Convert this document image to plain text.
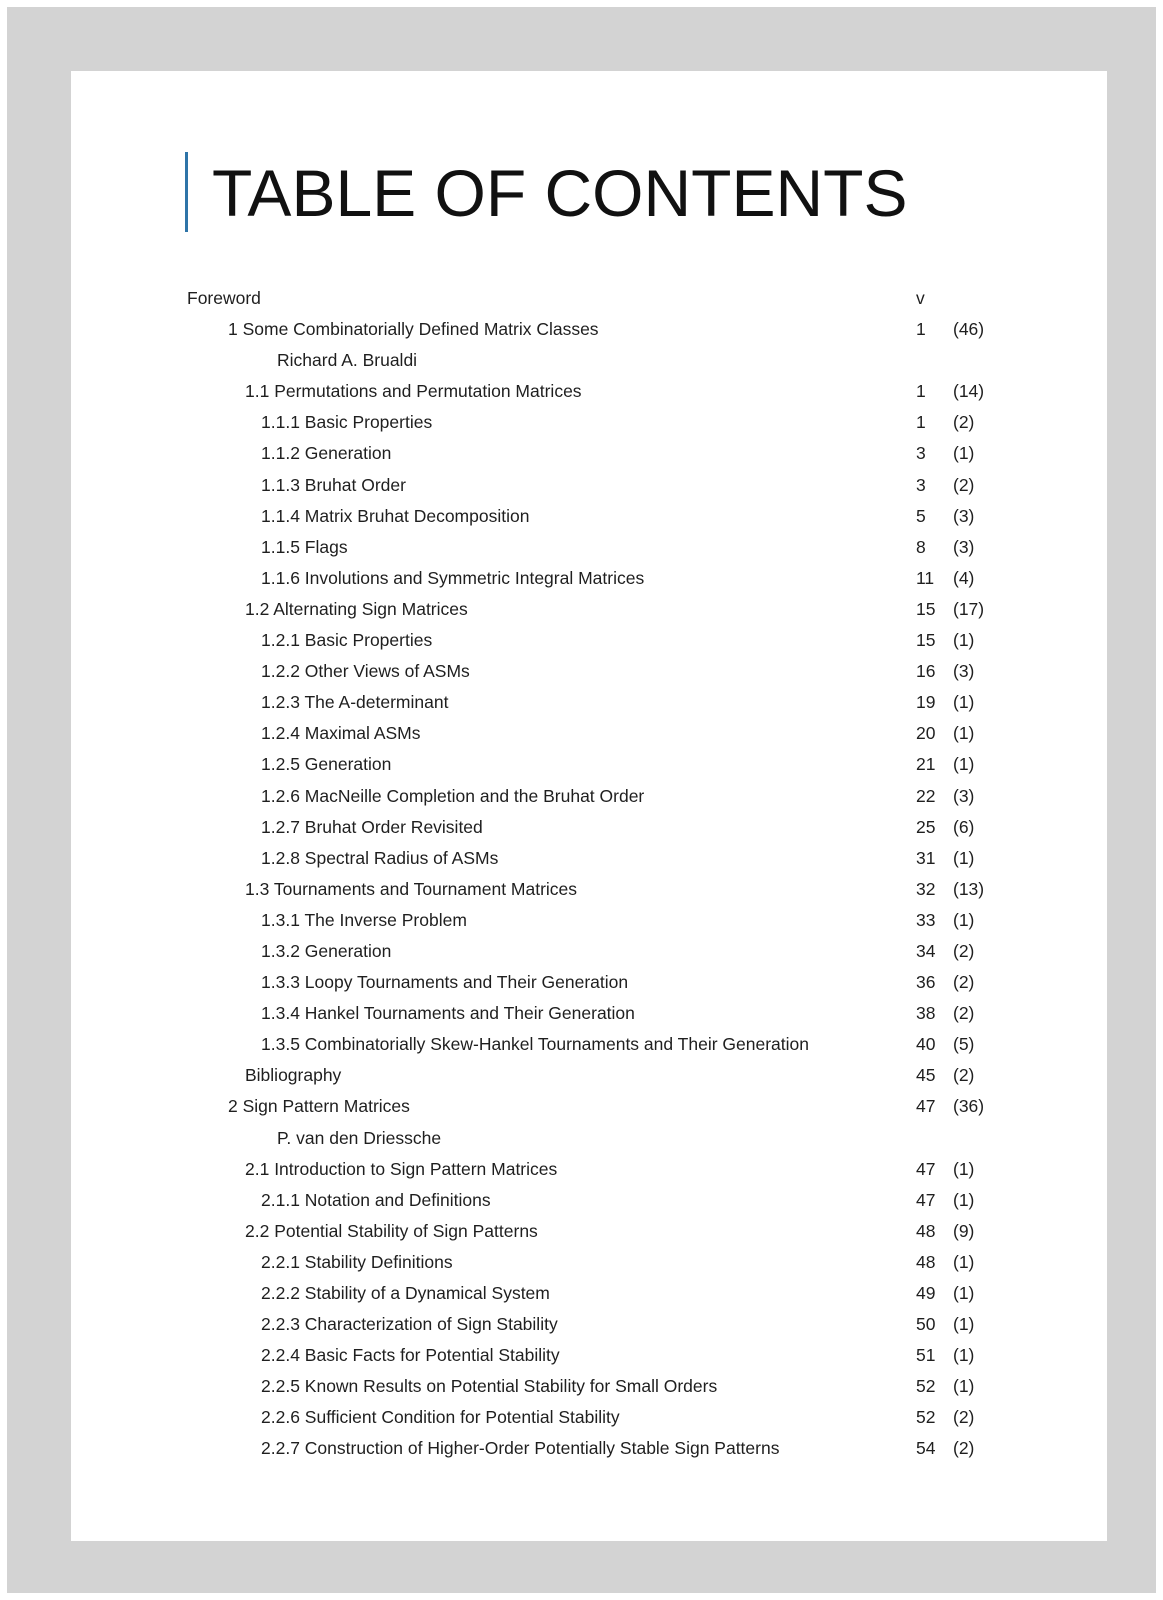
TABLE OF CONTENTS
Foreword	v
1 Some Combinatorially Defined Matrix Classes	1 (46)
Richard A. Brualdi
1.1 Permutations and Permutation Matrices	1 (14)
1.1.1 Basic Properties	1 (2)
1.1.2 Generation	3 (1)
1.1.3 Bruhat Order	3 (2)
1.1.4 Matrix Bruhat Decomposition	5 (3)
1.1.5 Flags	8 (3)
1.1.6 Involutions and Symmetric Integral Matrices	11 (4)
1.2 Alternating Sign Matrices	15 (17)
1.2.1 Basic Properties	15 (1)
1.2.2 Other Views of ASMs	16 (3)
1.2.3 The A-determinant	19 (1)
1.2.4 Maximal ASMs	20 (1)
1.2.5 Generation	21 (1)
1.2.6 MacNeille Completion and the Bruhat Order	22 (3)
1.2.7 Bruhat Order Revisited	25 (6)
1.2.8 Spectral Radius of ASMs	31 (1)
1.3 Tournaments and Tournament Matrices	32 (13)
1.3.1 The Inverse Problem	33 (1)
1.3.2 Generation	34 (2)
1.3.3 Loopy Tournaments and Their Generation	36 (2)
1.3.4 Hankel Tournaments and Their Generation	38 (2)
1.3.5 Combinatorially Skew-Hankel Tournaments and Their Generation	40 (5)
Bibliography	45 (2)
2 Sign Pattern Matrices	47 (36)
P. van den Driessche
2.1 Introduction to Sign Pattern Matrices	47 (1)
2.1.1 Notation and Definitions	47 (1)
2.2 Potential Stability of Sign Patterns	48 (9)
2.2.1 Stability Definitions	48 (1)
2.2.2 Stability of a Dynamical System	49 (1)
2.2.3 Characterization of Sign Stability	50 (1)
2.2.4 Basic Facts for Potential Stability	51 (1)
2.2.5 Known Results on Potential Stability for Small Orders	52 (1)
2.2.6 Sufficient Condition for Potential Stability	52 (2)
2.2.7 Construction of Higher-Order Potentially Stable Sign Patterns	54 (2)
